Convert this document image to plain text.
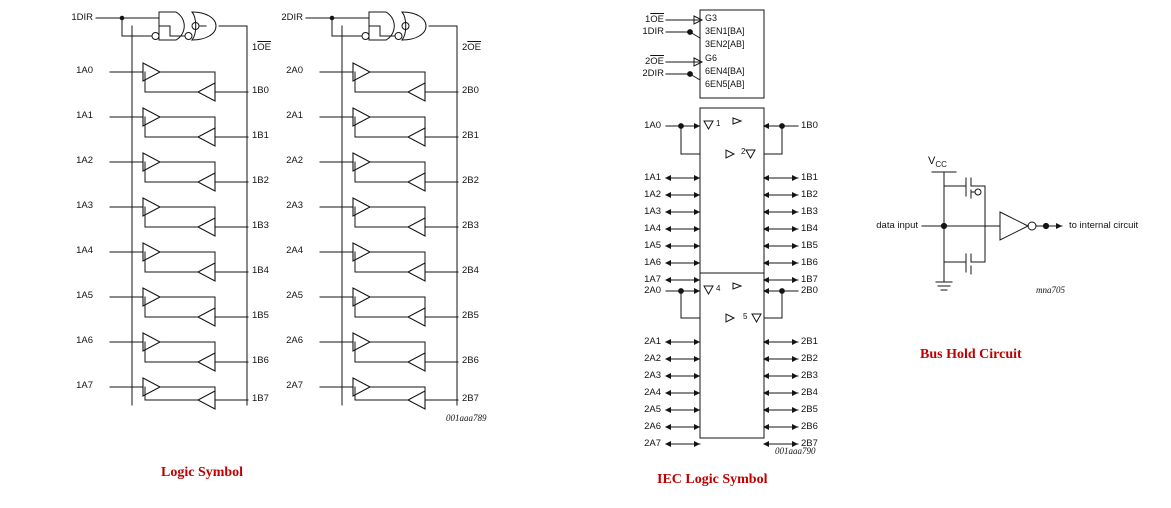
1DIR
$1\overline{OE}$
1A0
1A1
1A2
1A3
1A4
1A5
1A6
1A7
1B0
1B1
1B2
1B3
1B4
1B5
1B6
1B7
2DIR
$2\overline{OE}$
2A0
2A1
2A2
2A3
2A4
2A5
2A6
2A7
2B0
2B1
2B2
2B3
2B4
2B5
2B6
2B7
001aaa789
Logic Symbol
$1\overline{OE}$
1DIR
$2\overline{OE}$
2DIR
G3
3EN1[BA]
3EN2[AB]
G6
6EN4[BA]
6EN5[AB]
1
2
4
5
1A0
1A1
1A2
1A3
1A4
1A5
1A6
1A7
1B0
1B1
1B2
1B3
1B4
1B5
1B6
1B7
2A0
2A1
2A2
2A3
2A4
2A5
2A6
2A7
2B0
2B1
2B2
2B3
2B4
2B5
2B6
2B7
001aaa790
IEC Logic Symbol
$V_{CC}$
data input	to internal circuit
mna705
Bus Hold Circuit
